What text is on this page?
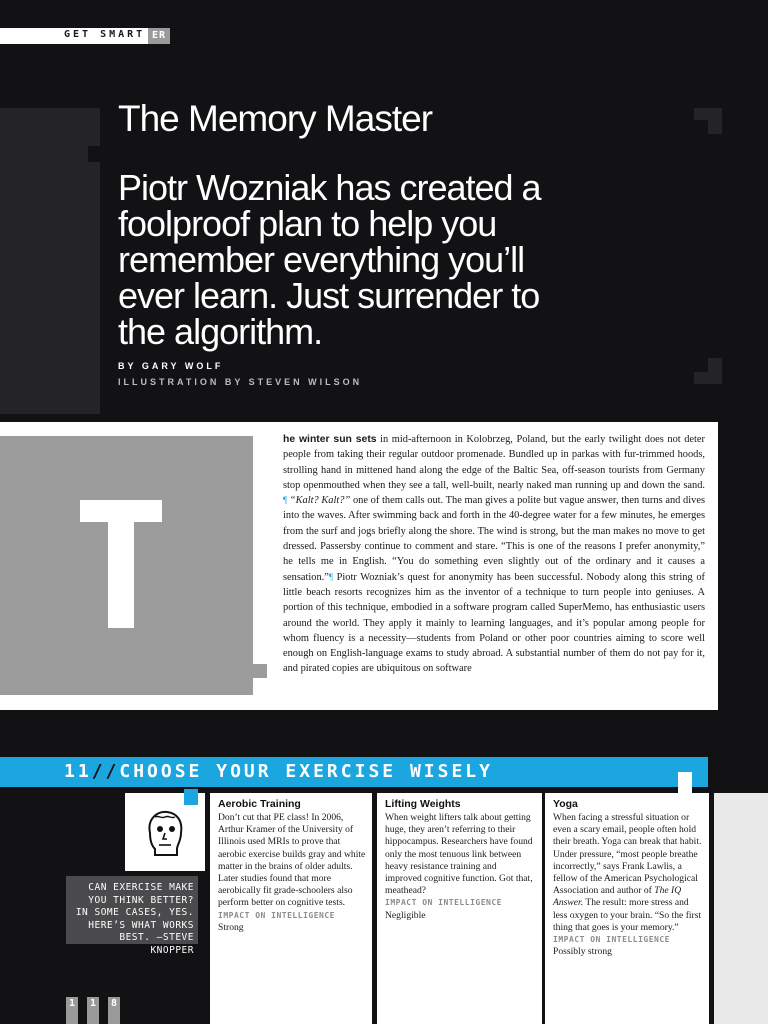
GET SMART ER
The Memory Master

Piotr Wozniak has created a foolproof plan to help you remember everything you’ll ever learn. Just surrender to the algorithm.

BY GARY WOLF
ILLUSTRATION BY STEVEN WILSON
he winter sun sets in mid-afternoon in Kolobrzeg, Poland, but the early twilight does not deter people from taking their regular outdoor promenade. Bundled up in parkas with fur-trimmed hoods, strolling hand in mittened hand along the edge of the Baltic Sea, off-season tourists from Germany stop openmouthed when they see a tall, well-built, nearly naked man running up and down the sand. ¶ “Kalt? Kalt?” one of them calls out. The man gives a polite but vague answer, then turns and dives into the waves. After swimming back and forth in the 40-degree water for a few minutes, he emerges from the surf and jogs briefly along the shore. The wind is strong, but the man makes no move to get dressed. Passersby continue to comment and stare. “This is one of the reasons I prefer anonymity,” he tells me in English. “You do something even slightly out of the ordinary and it causes a sensation.”¶ Piotr Wozniak’s quest for anonymity has been successful. Nobody along this string of little beach resorts recognizes him as the inventor of a technique to turn people into geniuses. A portion of this technique, embodied in a software program called SuperMemo, has enthusiastic users around the world. They apply it mainly to learning languages, and it’s popular among people for whom fluency is a necessity—students from Poland or other poor countries aiming to score well enough on English-language exams to study abroad. A substantial number of them do not pay for it, and pirated copies are ubiquitous on software
11//CHOOSE YOUR EXERCISE WISELY
CAN EXERCISE MAKE YOU THINK BETTER? IN SOME CASES, YES. HERE’S WHAT WORKS BEST. —STEVE KNOPPER
Aerobic Training
Don’t cut that PE class! In 2006, Arthur Kramer of the University of Illinois used MRIs to prove that aerobic exercise builds gray and white matter in the brains of older adults. Later studies found that more aerobically fit grade-schoolers also perform better on cognitive tests.
IMPACT ON INTELLIGENCE
Strong
Lifting Weights
When weight lifters talk about getting huge, they aren’t referring to their hippocampus. Researchers have found only the most tenuous link between heavy resistance training and improved cognitive function. Got that, meathead?
IMPACT ON INTELLIGENCE
Negligible
Yoga
When facing a stressful situation or even a scary email, people often hold their breath. Yoga can break that habit. Under pressure, “most people breathe incorrectly,” says Frank Lawlis, a fellow of the American Psychological Association and author of The IQ Answer. The result: more stress and less oxygen to your brain. “So the first thing that goes is your memory.”
IMPACT ON INTELLIGENCE
Possibly strong
1 1 8
